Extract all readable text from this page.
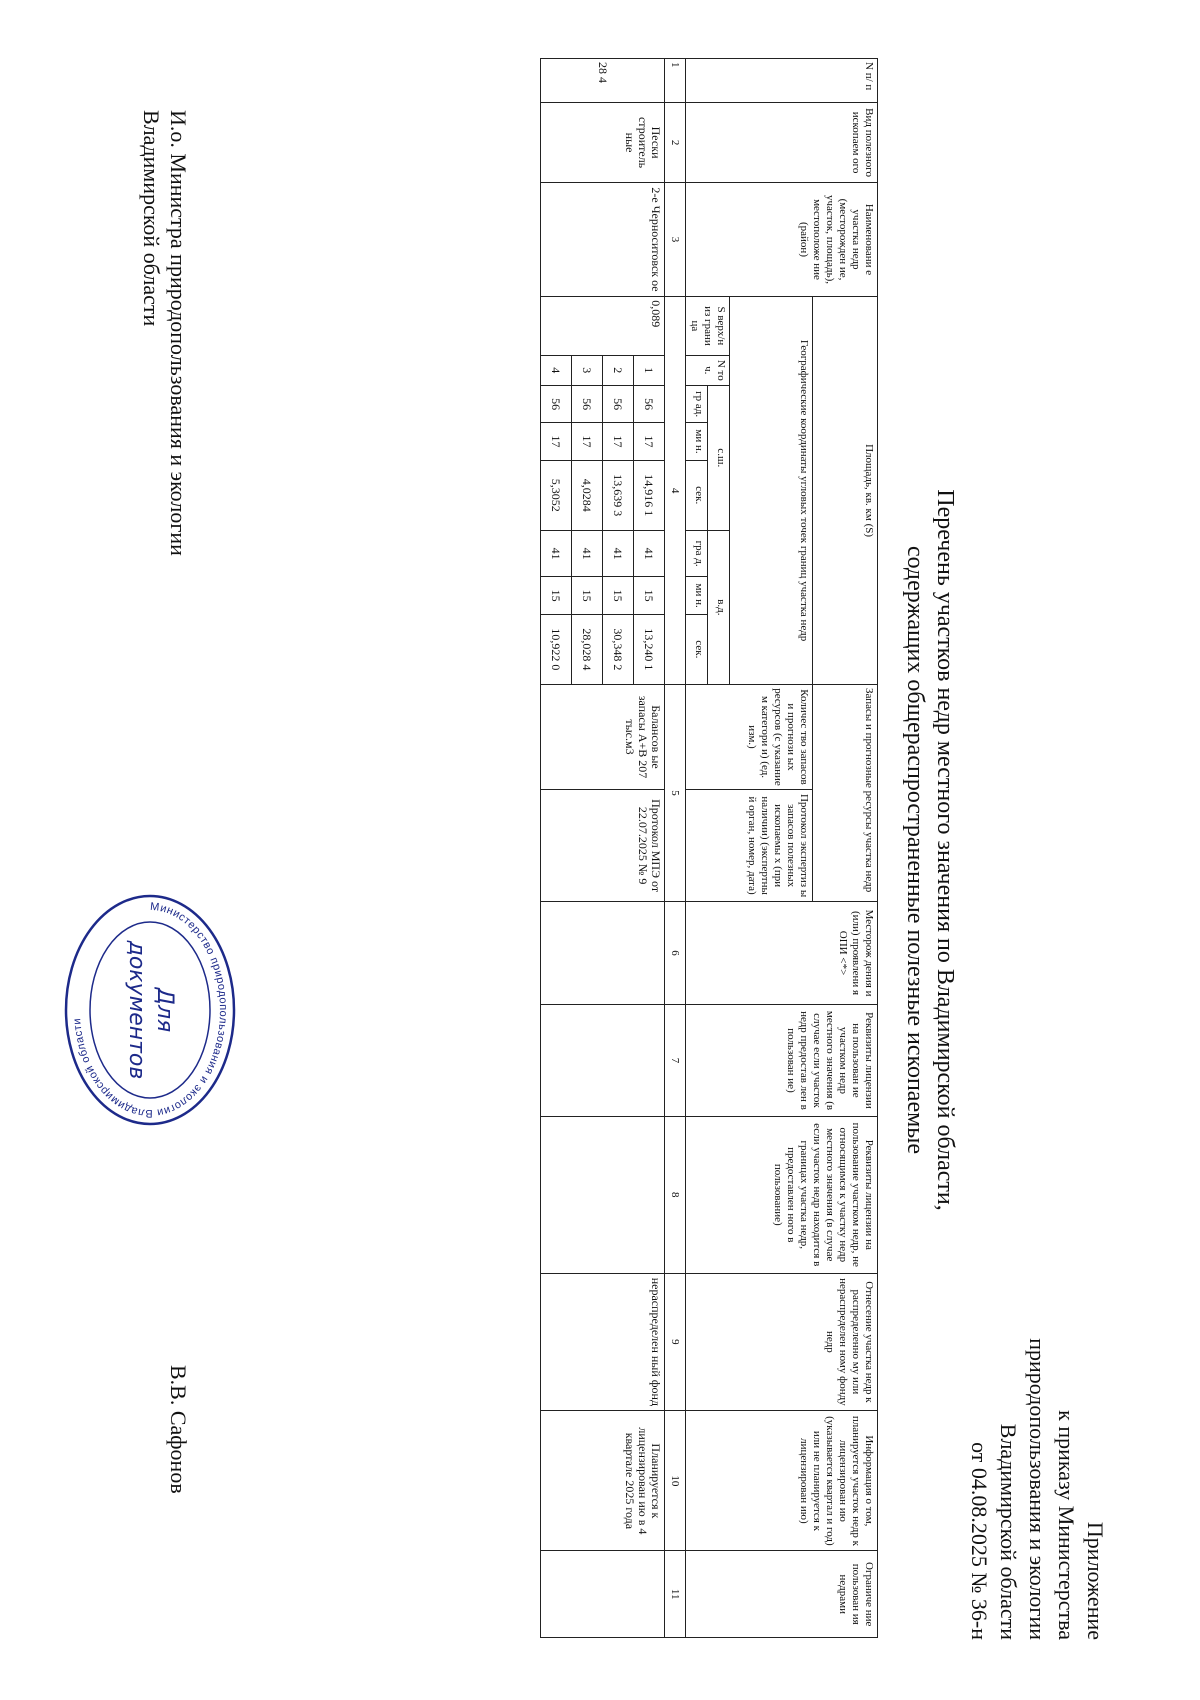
Приложение
к приказу Министерства
природопользования и экологии
Владимирской области
от 04.08.2025 № 36-н
Перечень участков недр местного значения по Владимирской области,
содержащих общераспространенные полезные ископаемые
N п/ п	Вид полезного ископаем ого	Наименовани е участка недр (месторожден ие, участок, площадь), местоположе ние (район)	Площадь, кв. км (S)								Запасы и прогнозные ресурсы участка недр		Месторож дения и (или) проявлени я ОПИ <*>	Реквизиты лицензии на пользован ие участком недр местного значения (в случае если участок недр предостав лен в пользован ие)	Реквизиты лицензии на пользование участком недр, не относящимся к участку недр местного значения (в случае если участок недр находится в границах участка недр, предоставлен ного в пользование)	Отнесение участка недр к распределенно му или нераспределен ному фонду недр	Информация о том, планируется участок недр к лицензирован ию (указывается квартал и год) или не планируется к лицензирован ию)	Ограниче ние пользован ия недрами
			Географические координаты угловых точек границ участка недр								Количес тво запасов и прогнози ых ресурсов (с указание м категори и) (ед. изм.)	Протокол экспертиз ы запасов полезных ископаемы х (при наличии) (экспертны й орган, номер, дата)						
			S верх/н из грани ца	N то ч.	с.ш.			в.д.										
					гр ад.	ми н.	сек.	гра д.	ми н.	сек.								
1	2	3	4								5		6	7	8	9	10	11
28 4	Пески строитель ные	2-е Черноситовск ое	0,089	1	56	17	14,916 1	41	15	13,240 1	Балансов ые запасы А+В 207 тыс.м3	Протокол МПЭ от 22.07.2025 № 9				нераспределен ный фонд	Планируется к лицензирован ию в 4 квартале 2025 года	
				2	56	17	13,639 3	41	15	30,348 2								
				3	56	17	4,0284	41	15	28,028 4								
				4	56	17	5,3052	41	15	10,922 0								
И.о. Министра природопользования и экологии
Владимирской области
Министерство природопользования и экологии Владимирской области	Для
документов
В.В. Сафонов
